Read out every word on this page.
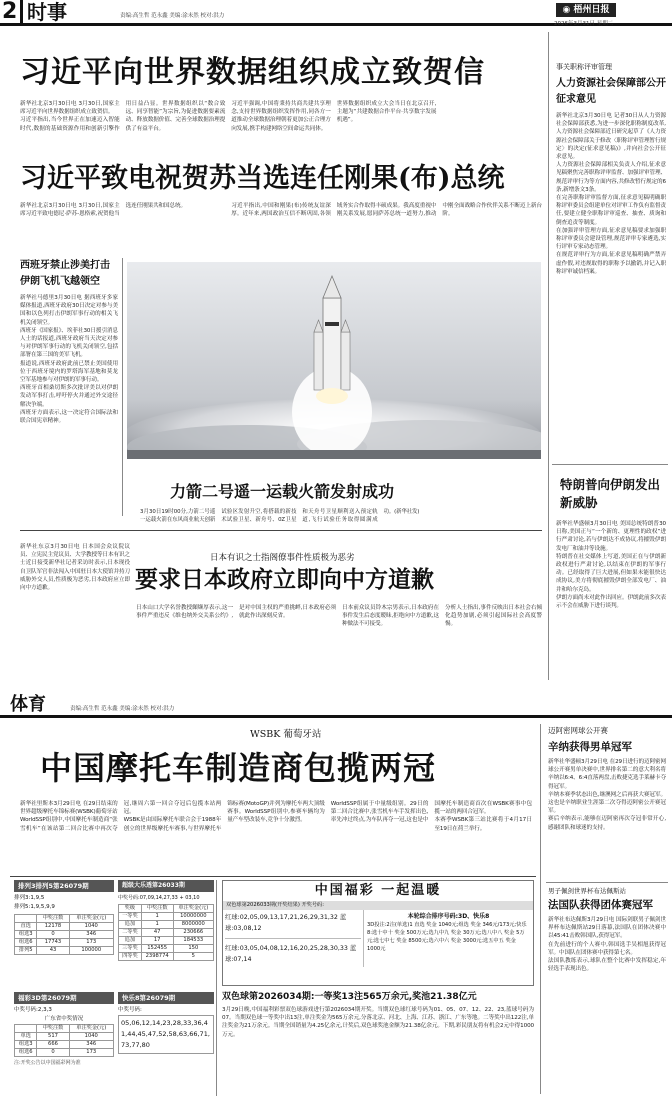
2 时事	责编:高生哲 范永鑫 美编:涂未然 校对:洪力
◉ 梧州日报
2026年3月31日 星期二
习近平向世界数据组织成立致贺信

新华社北京3月30日电 3月30日,国家主席习近平向世界数据组织成立致贺信。

习近平指出,当今世界正在加速迈入智能时代,数据的基础资源作用和创新引擎作用日益凸显。世界数据组织以“数合致远、同享智能”为宗旨,为促进数据要素流动、释放数据价值、完善全球数据治理提供了有益平台。

习近平强调,中国将秉持共商共建共享理念,支持世界数据组织发挥作用,同各方一道推动全球数据治理朝着更加公正合理方向发展,携手构建网络空间命运共同体。

世界数据组织成立大会当日在北京召开,主题为“共建数据合作平台·共享数字发展机遇”。

习近平致电祝贺苏当选连任刚果(布)总统

新华社北京3月30日电 3月30日,国家主席习近平致电德尼·萨苏-恩格索,祝贺他当选连任刚果共和国总统。	习近平指出,中国和刚果(布)传统友谊深厚。近年来,两国政治互信不断巩固,各领域务实合作取得丰硕成果。我高度重视中刚关系发展,愿同萨苏总统一道努力,推动中刚全面战略合作伙伴关系不断迈上新台阶。

西班牙禁止涉美打击伊朗飞机飞越领空

新华社马德里3月30日电 据西班牙多家媒体报道,西班牙政府30日决定对参与美国和以色列打击伊朗军事行动的相关飞机关闭领空。

西班牙《国家报》、埃菲社30日援引消息人士的话报道,西班牙政府当天决定对参与对伊朗军事行动的飞机关闭领空,包括部署在第三国的美军飞机。

报道说,西班牙政府此前已禁止美国使用位于西班牙境内的罗塔海军基地和莫龙空军基地参与对伊朗的军事行动。

西班牙首相桑切斯多次批评美以对伊朗发动军事打击,呼吁停火并通过外交途径解决争端。

西班牙方面表示,这一决定符合国际法和联合国宪章精神。

力箭二号遥一运载火箭发射成功
3月30日19时00分,力箭二号遥一运载火箭在东风商业航天创新试验区发射升空,将搭载的新技术试验卫星、新舟号、0Z卫星和天舟号卫星顺利送入预定轨道,飞行试验任务取得圆满成功。(新华社发)
日本有识之士指阁僚事件性质极为恶劣
要求日本政府立即向中方道歉

新华社东京3月30日电 日本国会众议院议员、立宪民主党议员、大学教授等日本有识之士近日接受新华社记者采访时表示,日本现役自卫队军官非法闯入中国驻日本大使馆并持刀威胁外交人员,性质极为恶劣,日本政府应立即向中方道歉。

日本山口大学名誉教授纐缬厚表示,这一事件严重违反《维也纳外交关系公约》,是对中国主权的严重挑衅,日本政府必须就此作出深刻反省。

日本前众议员铃木宗男表示,日本政府在事件发生后态度暧昧,拒绝向中方道歉,这种做法不可接受。

分析人士指出,事件反映出日本社会右倾化趋势加剧,必须引起国际社会高度警惕。

事关职称评审管理
人力资源社会保障部公开征求意见

新华社北京3月30日电 记者30日从人力资源社会保障部获悉,为进一步深化职称制度改革,人力资源社会保障部近日研究起草了《人力资源社会保障部关于修改〈职称评审管理暂行规定〉的决定(征求意见稿)》,并向社会公开征求意见。

人力资源社会保障部相关负责人介绍,征求意见稿聚焦完善职称评审监督、加强评审管理、规范评审行为等方面内容,共修改暂行规定的6条,新增条文3条。

在完善职称评审监督方面,征求意见稿明确职称评审委员会组建单位对评审工作负有监督责任,要建立健全职称评审巡查、抽查、质询和倒查追责等制度。

在加强评审管理方面,征求意见稿要求加强职称评审委员会建设管理,规范评审专家遴选,实行评审专家动态管理。

在规范评审行为方面,征求意见稿明确严禁弄虚作假,对违规取得的职称予以撤销,并记入职称评审诚信档案。

特朗普向伊朗发出新威胁

新华社华盛顿3月30日电 美国总统特朗普30日称,美国正与“一个新的、更理性的政权”进行严肃讨论,若与伊朗达不成协议,将摧毁伊朗发电厂和油井等设施。

特朗普在社交媒体上写道,美国正在与伊朗新政权进行严肃讨论,以结束在伊朗的军事行动。已经取得了巨大进展,但如果未能很快达成协议,美方将彻底摧毁伊朗全部发电厂、油井和哈尔克岛。

伊朗方面尚未对此作出回应。伊朗此前多次表示不会在威胁下进行谈判。

体育	责编:高生哲 范永鑫 美编:涂未然 校对:洪力
WSBK 葡萄牙站
中国摩托车制造商包揽两冠

新华社里斯本3月29日电 在29日结束的世界超级摩托车锦标赛(WSBK)葡萄牙站WorldSSP组别中,中国摩托车制造商“张雪机车”在该站第二回合比赛中再次夺冠,继周六第一回合夺冠后包揽本站两冠。

WSBK是由国际摩托车联合会于1988年创立的世界级摩托车赛事,与世界摩托车锦标赛(MotoGP)并列为摩托车两大顶级赛事。WorldSSP组别中,参赛车辆均为量产车型改装车,竞争十分激烈。

WorldSSP组属于中量级组别。29日的第二回合比赛中,张雪机车车手发挥出色,率先冲过终点,为车队再夺一冠,这也是中国摩托车制造商首次在WSBK赛事中包揽一站的两回合冠军。

本赛季WSBK第三站比赛将于4月17日至19日在荷兰举行。

迈阿密网球公开赛
辛纳获得男单冠军

新华社华盛顿3月29日电 在29日进行的迈阿密网球公开赛男单决赛中,世界排名第二的意大利名将辛纳以6:4、6:4直落两盘,击败捷克选手莱赫卡夺得冠军。

辛纳本赛季状态出色,继澳网之后再获大赛冠军。这也是辛纳职业生涯第二次夺得迈阿密公开赛冠军。

赛后辛纳表示,能够在迈阿密再次夺冠非常开心,感谢团队和球迷的支持。

男子佩剑世界杯布达佩斯站
法国队获得团体赛冠军

新华社布达佩斯3月29日电 国际剑联男子佩剑世界杯布达佩斯站29日落幕,法国队在团体决赛中以45:41击败韩国队,获得冠军。

在先前进行的个人赛中,韩国选手吴相旭获得冠军。中国队在团体赛中获得第七名。

法国队教练表示,球队在整个比赛中发挥稳定,年轻选手表现出色。

排列3排列5第26079期
排列3:1,9,5
排列5:1,9,5,9,9
	中奖注数	单注奖金(元)
直选	12178	1040
组选3	0	346
组选6	17743	173
排列5	43	100000
超级大乐透第26033期
中奖号码:07,09,14,27,33 + 03,10
奖级	中奖注数	单注奖金(元)
一等奖	1	10000000
追加	1	8000000
二等奖	47	230666
追加	17	184533
三等奖	152455	150
四等奖	2398774	5
福彩3D第26079期
中奖号码:2,3,3
广东省中奖情况
	中奖注数	单注奖金(元)
单选	517	1040
组选3	666	346
组选6	0	173
注:开奖公告以中国福彩网为准
快乐8第26079期
中奖号码:
05,06,12,14,23,28,33,36,41,44,45,47,52,58,63,66,71,73,77,80
中国福彩 一起温暖
双色球第2026033期(开奖结果) 开奖号码:
红球:02,05,09,13,17,21,26,29,31,32 蓝球:03,08,12
红球:03,05,04,08,12,16,20,25,28,30,33 蓝球:07,14
本轮综合排序号码:3D、快乐8
3D投注:2注(单选)1 直选 奖金 1040元;组选 奖金 346元/173元;快乐8:选十中十 奖金 500万元;选九中九 奖金 30万元;选八中八 奖金 5万元;选七中七 奖金 8500元;选六中六 奖金 3000元;选五中五 奖金 1000元
双色球第2026034期:一等奖13注565万余元,奖池21.38亿元
3月29日晚,中国福利彩票双色球游戏进行第2026034期开奖。当期双色球红球号码为01、05、07、12、22、23,蓝球号码为07。当期双色球一等奖中出13注,单注奖金为565万余元,分落北京、河北、上海、江苏、浙江、广东等地。二等奖中出122注,单注奖金为21万余元。当期全国销量为4.25亿余元,计奖后,双色球奖池金额为21.38亿余元。下期,彩民朋友将有机会2元中得1000万元。
